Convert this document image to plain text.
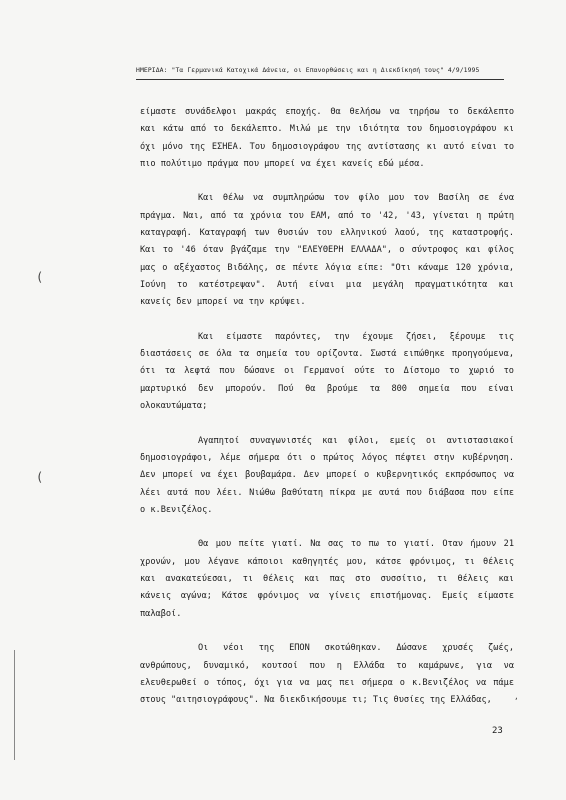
ΗΜΕΡΙΔΑ: "Τα Γερμανικά Κατοχικά Δάνεια, οι Επανορθώσεις και η Διεκδίκησή τους" 4/9/1995
είμαστε συνάδελφοι μακράς εποχής. Θα θελήσω να τηρήσω το δεκάλεπτο
και κάτω από το δεκάλεπτο. Μιλώ με την ιδιότητα του δημοσιογράφου κι
όχι μόνο της ΕΣΗΕΑ. Του δημοσιογράφου της αντίστασης κι αυτό είναι το
πιο πολύτιμο πράγμα που μπορεί να έχει κανείς εδώ μέσα.
Και θέλω να συμπληρώσω τον φίλο μου τον Βασίλη σε ένα
πράγμα. Ναι, από τα χρόνια του ΕΑΜ, από το '42, '43, γίνεται η πρώτη
καταγραφή. Καταγραφή των θυσιών του ελληνικού λαού, της καταστροφής.
Και το '46 όταν βγάζαμε την "ΕΛΕΥΘΕΡΗ ΕΛΛΑΔΑ", ο σύντροφος και φίλος
μας ο αξέχαστος Βιδάλης, σε πέντε λόγια είπε: "Οτι κάναμε 120 χρόνια,
Ιούνη το κατέστρεψαν". Αυτή είναι μια μεγάλη πραγματικότητα και
κανείς δεν μπορεί να την κρύψει.
Και είμαστε παρόντες, την έχουμε ζήσει, ξέρουμε τις
διαστάσεις σε όλα τα σημεία του ορίζοντα. Σωστά ειπώθηκε προηγούμενα,
ότι τα λεφτά που δώσανε οι Γερμανοί ούτε το Δίστομο το χωριό το
μαρτυρικό δεν μπορούν. Πού θα βρούμε τα 800 σημεία που είναι
ολοκαυτώματα;
Αγαπητοί συναγωνιστές και φίλοι, εμείς οι αντιστασιακοί
δημοσιογράφοι, λέμε σήμερα ότι ο πρώτος λόγος πέφτει στην κυβέρνηση.
Δεν μπορεί να έχει βουβαμάρα. Δεν μπορεί ο κυβερνητικός εκπρόσωπος να
λέει αυτά που λέει. Νιώθω βαθύτατη πίκρα με αυτά που διάβασα που είπε
ο κ.Βενιζέλος.
Θα μου πείτε γιατί. Να σας το πω το γιατί. Οταν ήμουν 21
χρονών, μου λέγανε κάποιοι καθηγητές μου, κάτσε φρόνιμος, τι θέλεις
και ανακατεύεσαι, τι θέλεις και πας στο συσσίτιο, τι θέλεις και
κάνεις αγώνα; Κάτσε φρόνιμος να γίνεις επιστήμονας. Εμείς είμαστε
παλαβοί.
Οι νέοι της ΕΠΟΝ σκοτώθηκαν. Δώσανε χρυσές ζωές,
ανθρώπους, δυναμικό, κουτσοί που η Ελλάδα το καμάρωνε, για να
ελευθερωθεί ο τόπος, όχι για να μας πει σήμερα ο κ.Βενιζέλος να πάμε
στους "αιτησιογράφους". Να διεκδικήσουμε τι; Τις θυσίες της Ελλάδας,
23
(
(
,
